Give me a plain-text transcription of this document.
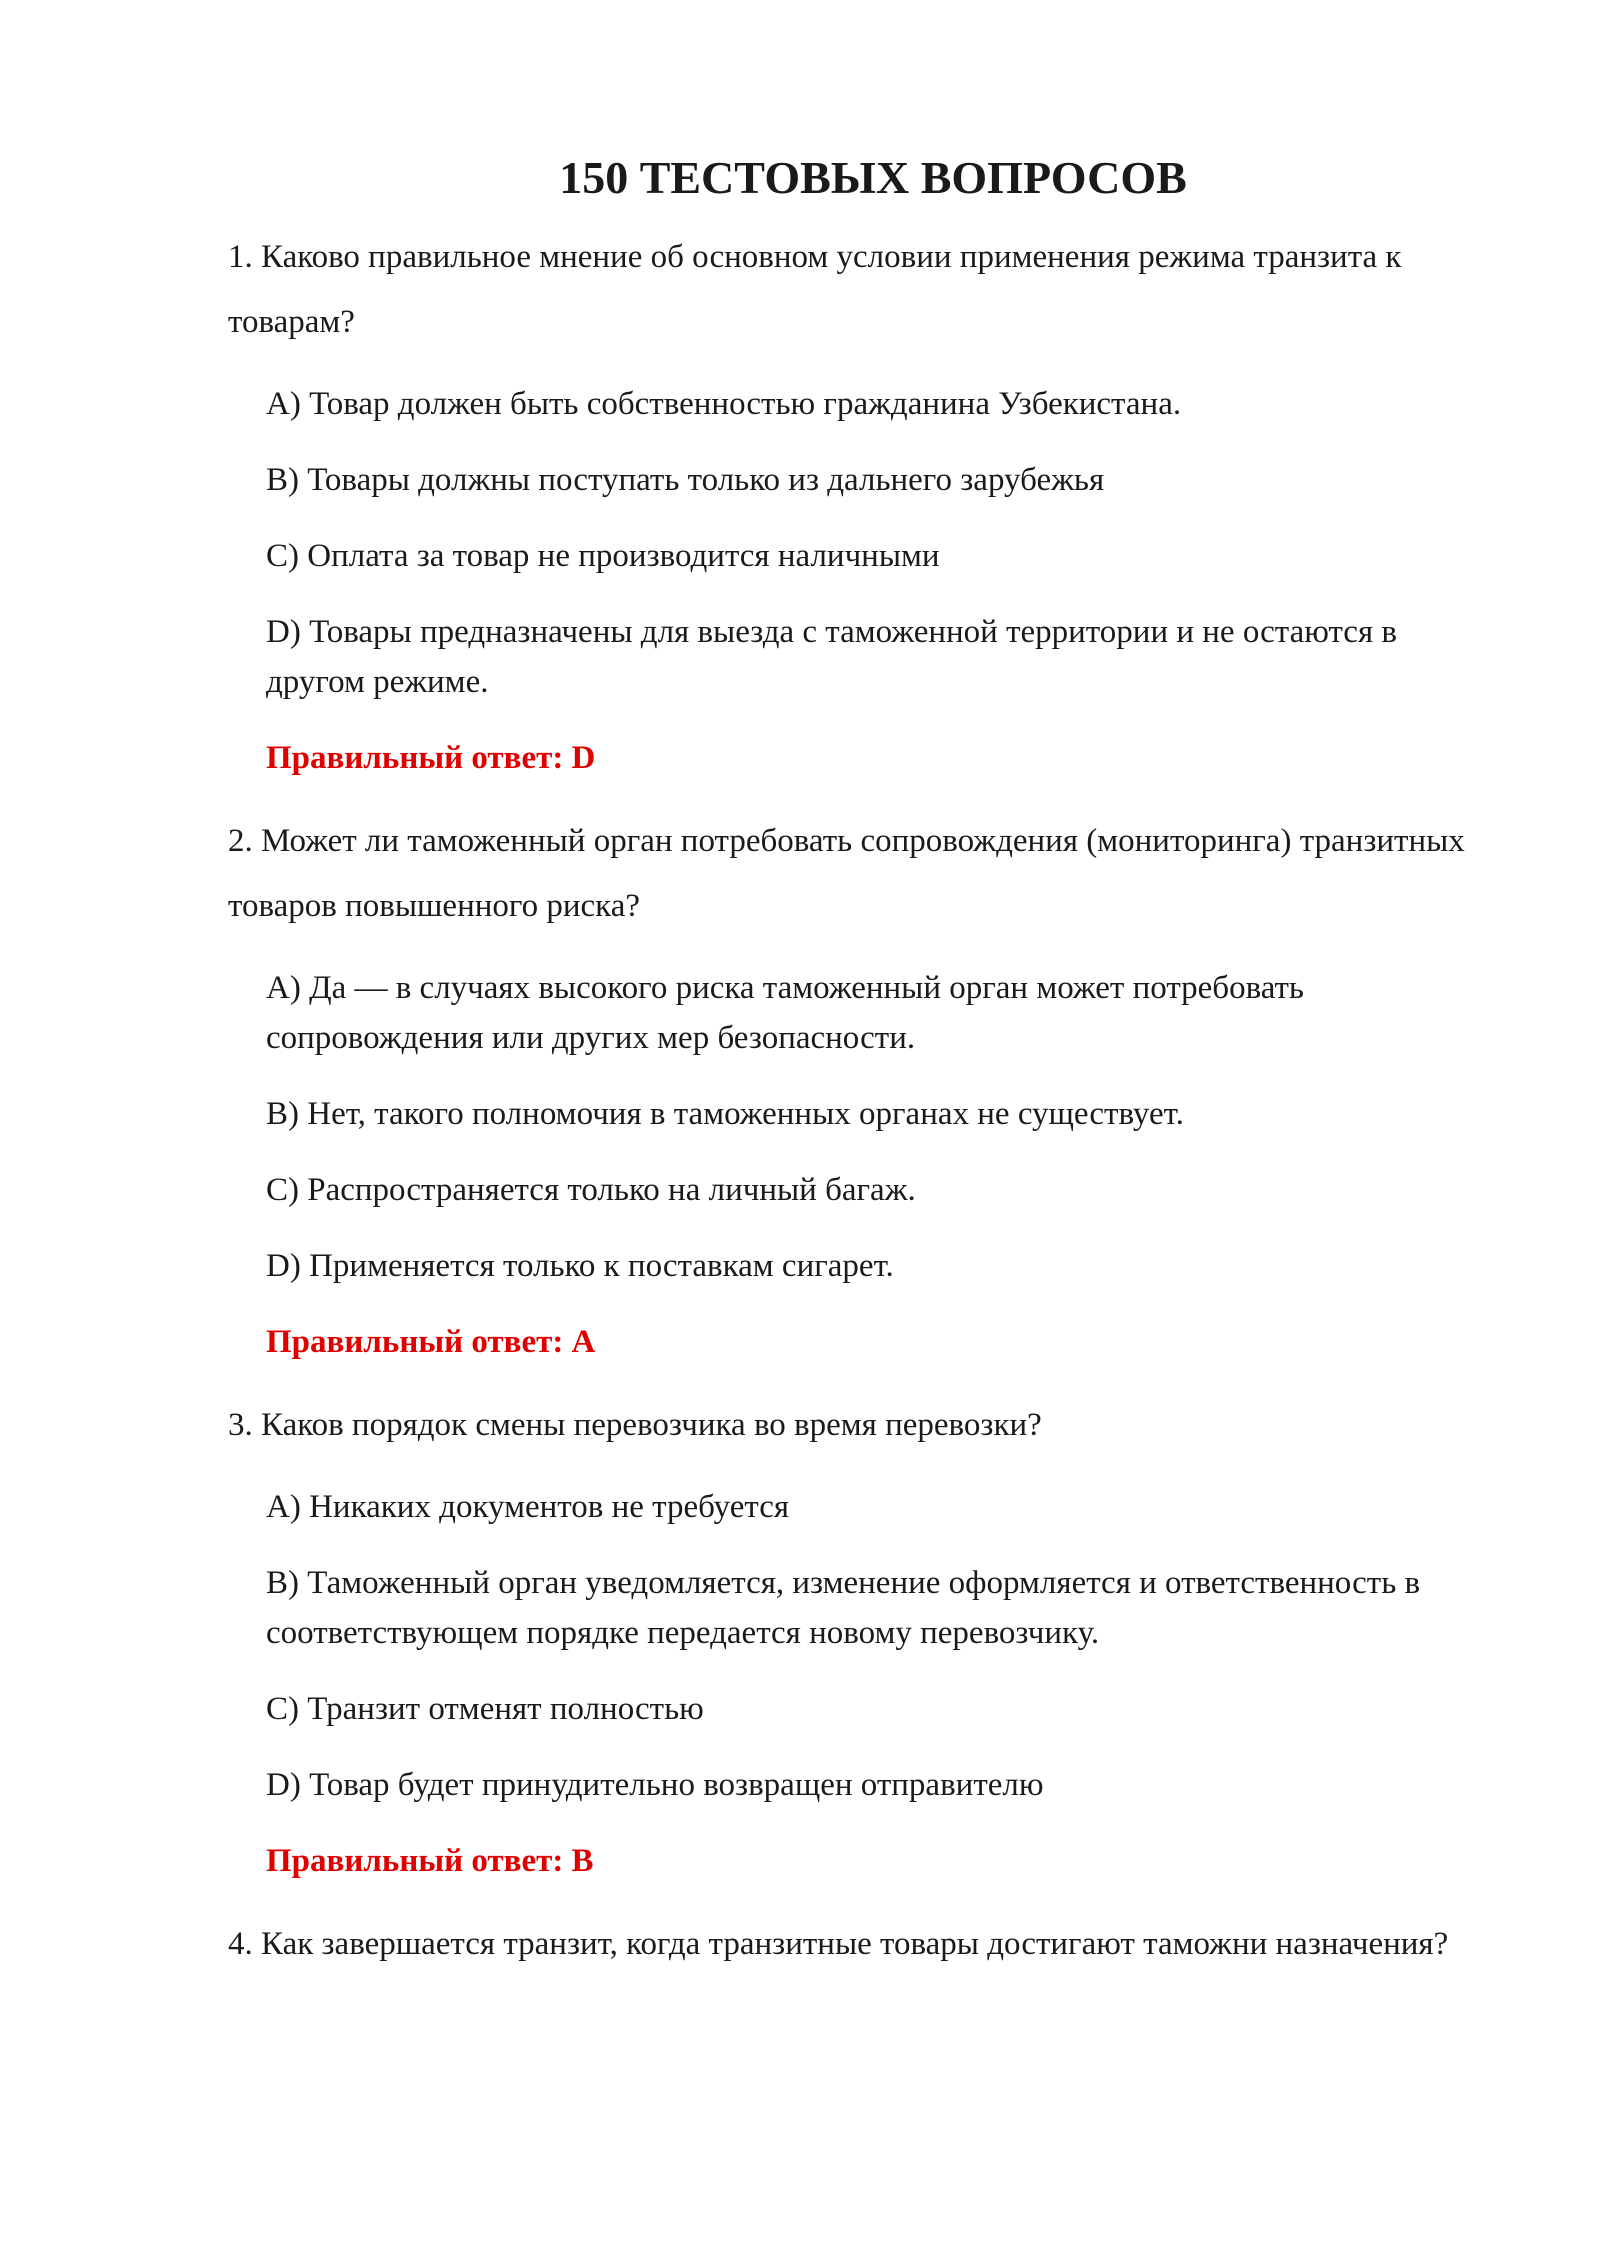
150 ТЕСТОВЫХ ВОПРОСОВ

1. Каково правильное мнение об основном условии применения режима транзита к товарам?

A) Товар должен быть собственностью гражданина Узбекистана.
B) Товары должны поступать только из дальнего зарубежья
C) Оплата за товар не производится наличными
D) Товары предназначены для выезда с таможенной территории и не остаются в другом режиме.

Правильный ответ: D

2. Может ли таможенный орган потребовать сопровождения (мониторинга) транзитных товаров повышенного риска?

A) Да — в случаях высокого риска таможенный орган может потребовать сопровождения или других мер безопасности.
B) Нет, такого полномочия в таможенных органах не существует.
C) Распространяется только на личный багаж.
D) Применяется только к поставкам сигарет.

Правильный ответ: A

3. Каков порядок смены перевозчика во время перевозки?

A) Никаких документов не требуется
B) Таможенный орган уведомляется, изменение оформляется и ответственность в соответствующем порядке передается новому перевозчику.
C) Транзит отменят полностью
D) Товар будет принудительно возвращен отправителю

Правильный ответ: B

4. Как завершается транзит, когда транзитные товары достигают таможни назначения?
